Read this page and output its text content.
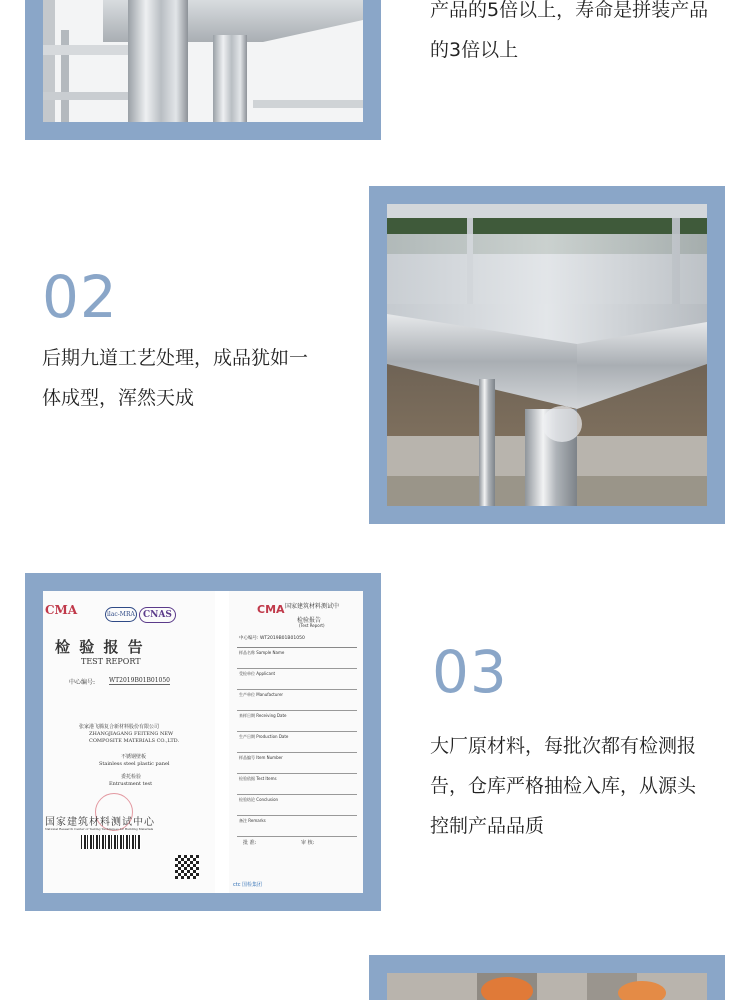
产品的5倍以上，寿命是拼装产品
的3倍以上
02
后期九道工艺处理，成品犹如一
体成型，浑然天成
CMA	ilac-MRA CNAS
检 验 报 告
TEST REPORT
中心编号: WT2019B01B01050
张家港飞腾复合新材料股份有限公司
ZHANGJIAGANG FEITENG NEW
COMPOSITE MATERIALS CO.,LTD.
不锈钢壁板
Stainless steel plastic panel
委托检验
Entrustment test
国家建筑材料测试中心
National Research Center of Testing Techniques for Building Materials
CMA 国家建筑材料测试中
检验报告
(Test Report)
中心编号: WT2019B01B01050
样品名称 Sample Name
受检单位 Applicant
生产单位 Manufacturer
来样日期 Receiving Date
生产日期 Production Date
样品编号 Item Number
检验依据 Test Items
检验结论 Conclusion
备注 Remarks
批 准:	审 核:
ctc 国检集团
03
大厂原材料，每批次都有检测报
告，仓库严格抽检入库，从源头
控制产品品质
